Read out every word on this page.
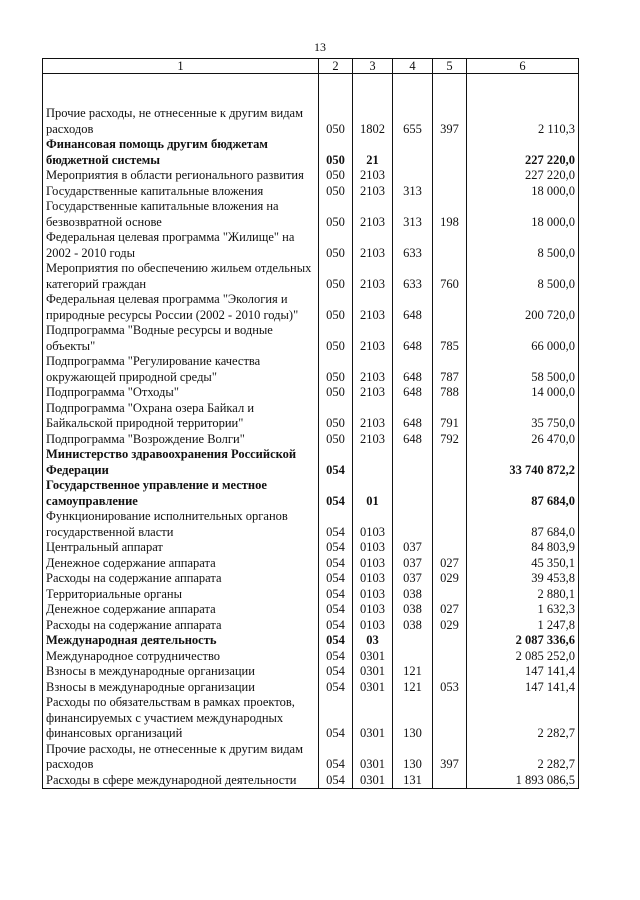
13
1	2	3	4	5	6

Прочие расходы, не отнесенные к другим видам расходов	050	1802	655	397	2 110,3
Финансовая помощь другим бюджетам бюджетной системы	050	21			227 220,0
Мероприятия в области регионального развития	050	2103			227 220,0
Государственные капитальные вложения	050	2103	313		18 000,0
Государственные капитальные вложения на безвозвратной основе	050	2103	313	198	18 000,0
Федеральная целевая программа "Жилище" на 2002 - 2010 годы	050	2103	633		8 500,0
Мероприятия по обеспечению жильем отдельных категорий граждан	050	2103	633	760	8 500,0
Федеральная целевая программа "Экология и природные ресурсы России (2002 - 2010 годы)"	050	2103	648		200 720,0
Подпрограмма "Водные ресурсы и водные объекты"	050	2103	648	785	66 000,0
Подпрограмма "Регулирование качества окружающей природной среды"	050	2103	648	787	58 500,0
Подпрограмма "Отходы"	050	2103	648	788	14 000,0
Подпрограмма "Охрана озера Байкал и Байкальской природной территории"	050	2103	648	791	35 750,0
Подпрограмма "Возрождение Волги"	050	2103	648	792	26 470,0
Министерство здравоохранения Российской Федерации	054				33 740 872,2
Государственное управление и местное самоуправление	054	01			87 684,0
Функционирование исполнительных органов государственной власти	054	0103			87 684,0
Центральный аппарат	054	0103	037		84 803,9
Денежное содержание аппарата	054	0103	037	027	45 350,1
Расходы на содержание аппарата	054	0103	037	029	39 453,8
Территориальные органы	054	0103	038		2 880,1
Денежное содержание аппарата	054	0103	038	027	1 632,3
Расходы на содержание аппарата	054	0103	038	029	1 247,8
Международная деятельность	054	03			2 087 336,6
Международное сотрудничество	054	0301			2 085 252,0
Взносы в международные организации	054	0301	121		147 141,4
Взносы в международные организации	054	0301	121	053	147 141,4
Расходы по обязательствам в рамках проектов, финансируемых с участием международных финансовых организаций	054	0301	130		2 282,7
Прочие расходы, не отнесенные к другим видам расходов	054	0301	130	397	2 282,7
Расходы в сфере международной деятельности	054	0301	131		1 893 086,5
